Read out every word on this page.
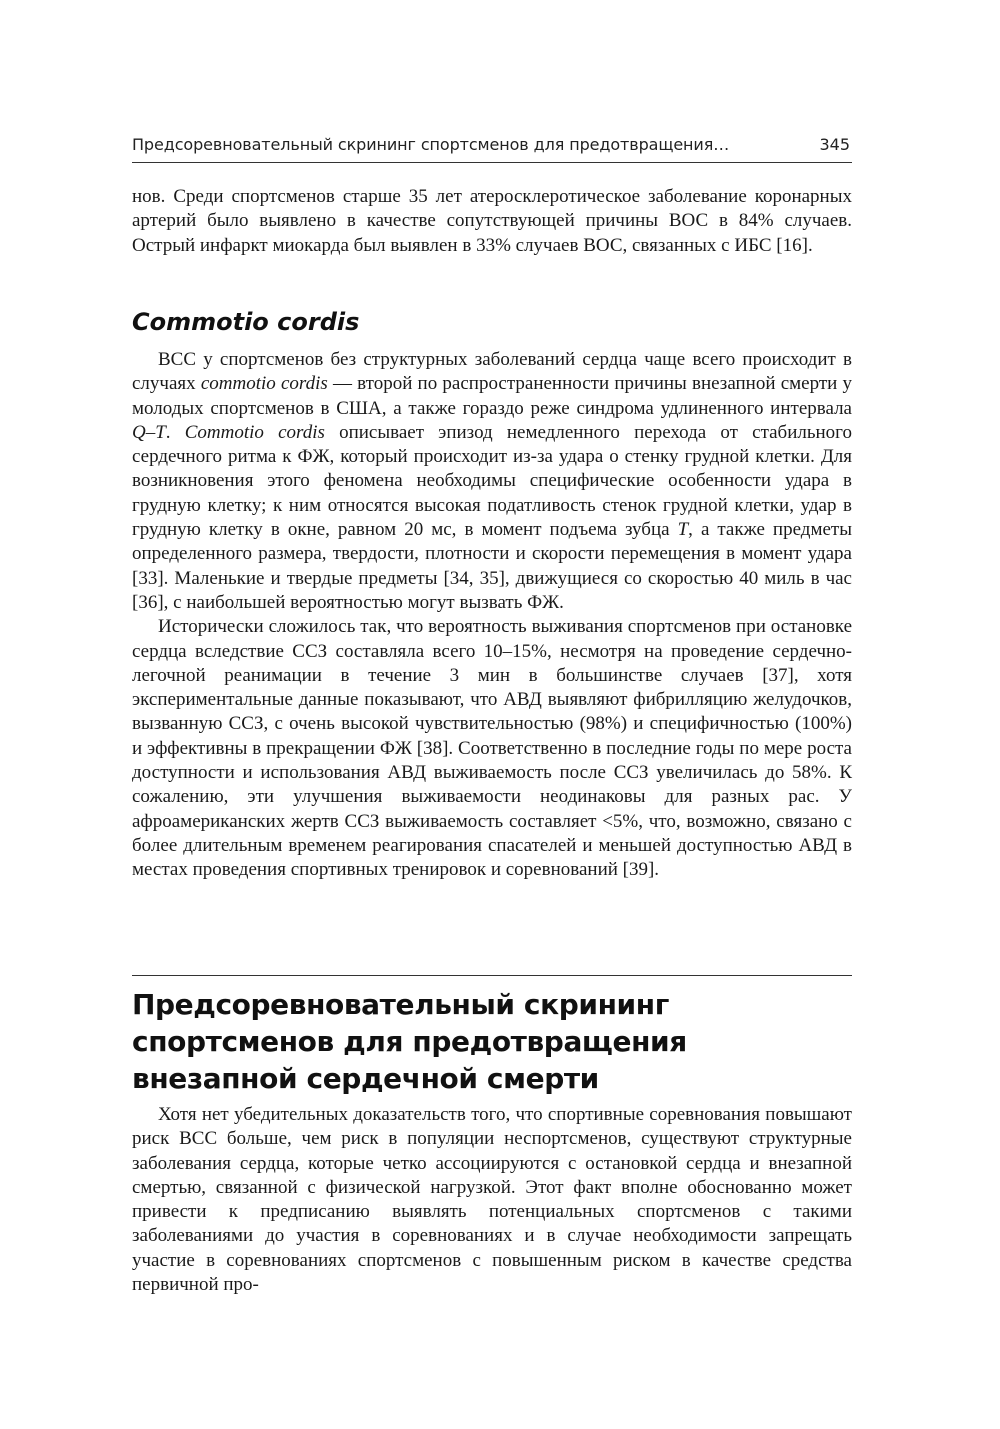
Предсоревновательный скрининг спортсменов для предотвращения…	345

нов. Среди спортсменов старше 35 лет атеросклеротическое заболевание коронарных артерий было выявлено в качестве сопутствующей причины ВОС в 84% случаев. Острый инфаркт миокарда был выявлен в 33% случаев ВОС, связанных с ИБС [16].

Commotio cordis

ВСС у спортсменов без структурных заболеваний сердца чаще всего происходит в случаях commotio cordis — второй по распространенности причины внезапной смерти у молодых спортсменов в США, а также гораздо реже синдрома удлиненного интервала Q–T. Commotio cordis описывает эпизод немедленного перехода от стабильного сердечного ритма к ФЖ, который происходит из-за удара о стенку грудной клетки. Для возникновения этого феномена необходимы специфические особенности удара в грудную клетку; к ним относятся высокая податливость стенок грудной клетки, удар в грудную клетку в окне, равном 20 мс, в момент подъема зубца T, а также предметы определенного размера, твердости, плотности и скорости перемещения в момент удара [33]. Маленькие и твердые предметы [34, 35], движущиеся со скоростью 40 миль в час [36], с наибольшей вероятностью могут вызвать ФЖ.

Исторически сложилось так, что вероятность выживания спортсменов при остановке сердца вследствие ССЗ составляла всего 10–15%, несмотря на проведение сердечно-легочной реанимации в течение 3 мин в большинстве случаев [37], хотя экспериментальные данные показывают, что АВД выявляют фибрилляцию желудочков, вызванную ССЗ, с очень высокой чувствительностью (98%) и специфичностью (100%) и эффективны в прекращении ФЖ [38]. Соответственно в последние годы по мере роста доступности и использования АВД выживаемость после ССЗ увеличилась до 58%. К сожалению, эти улучшения выживаемости неодинаковы для разных рас. У афроамериканских жертв ССЗ выживаемость составляет <5%, что, возможно, связано с более длительным временем реагирования спасателей и меньшей доступностью АВД в местах проведения спортивных тренировок и соревнований [39].

Предсоревновательный скрининг спортсменов для предотвращения внезапной сердечной смерти

Хотя нет убедительных доказательств того, что спортивные соревнования повышают риск ВСС больше, чем риск в популяции неспортсменов, существуют структурные заболевания сердца, которые четко ассоциируются с остановкой сердца и внезапной смертью, связанной с физической нагрузкой. Этот факт вполне обоснованно может привести к предписанию выявлять потенциальных спортсменов с такими заболеваниями до участия в соревнованиях и в случае необходимости запрещать участие в соревнованиях спортсменов с повышенным риском в качестве средства первичной про-
